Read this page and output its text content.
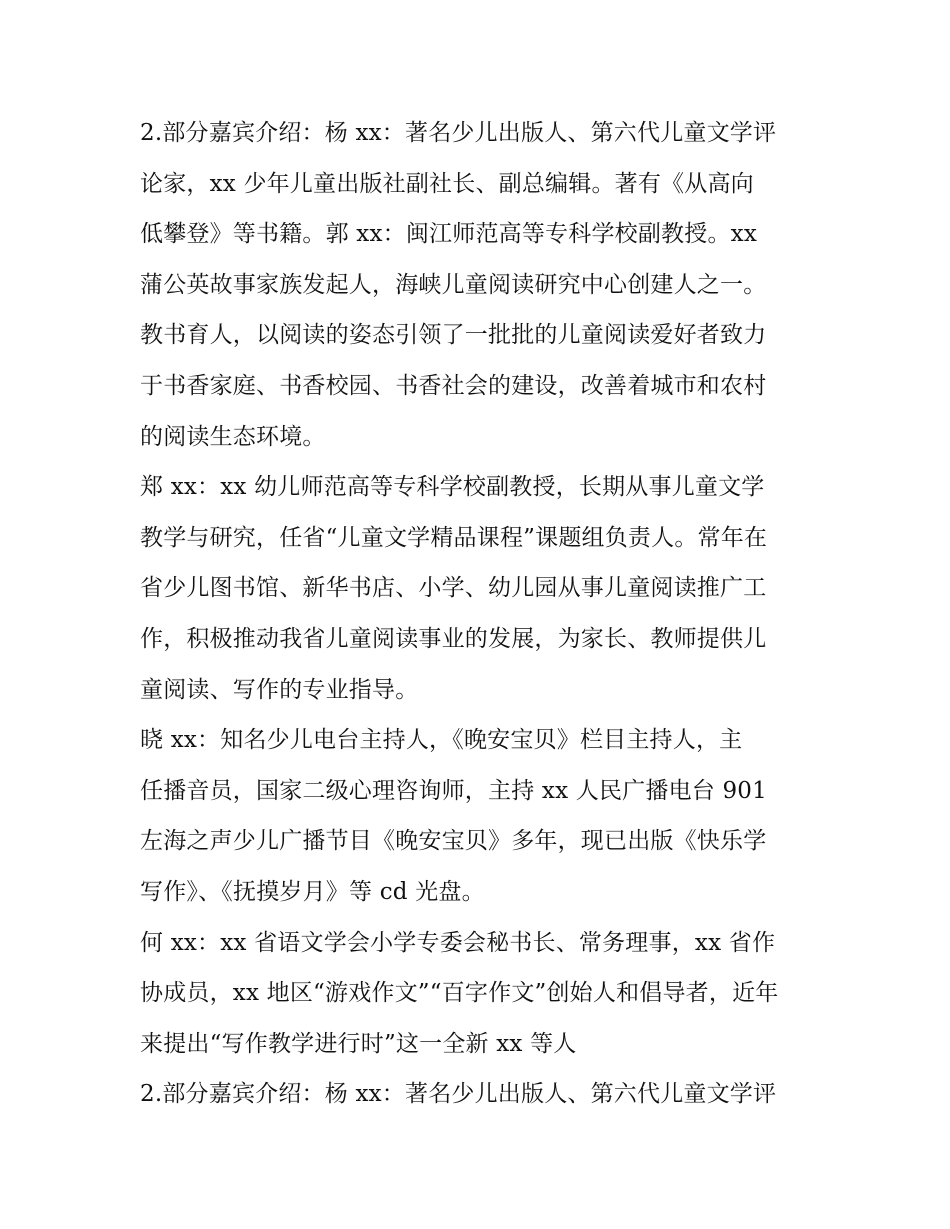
2.部分嘉宾介绍：杨 xx：著名少儿出版人、第六代儿童文学评
论家，xx 少年儿童出版社副社长、副总编辑。著有《从高向
低攀登》等书籍。郭 xx：闽江师范高等专科学校副教授。xx
蒲公英故事家族发起人，海峡儿童阅读研究中心创建人之一。
教书育人，以阅读的姿态引领了一批批的儿童阅读爱好者致力
于书香家庭、书香校园、书香社会的建设，改善着城市和农村
的阅读生态环境。
郑 xx：xx 幼儿师范高等专科学校副教授，长期从事儿童文学
教学与研究，任省“儿童文学精品课程”课题组负责人。常年在
省少儿图书馆、新华书店、小学、幼儿园从事儿童阅读推广工
作，积极推动我省儿童阅读事业的发展，为家长、教师提供儿
童阅读、写作的专业指导。
晓 xx：知名少儿电台主持人，《晚安宝贝》栏目主持人，主
任播音员，国家二级心理咨询师，主持 xx 人民广播电台 901
左海之声少儿广播节目《晚安宝贝》多年，现已出版《快乐学
写作》、《抚摸岁月》等 cd 光盘。
何 xx：xx 省语文学会小学专委会秘书长、常务理事，xx 省作
协成员，xx 地区“游戏作文”“百字作文”创始人和倡导者，近年
来提出“写作教学进行时”这一全新 xx 等人
2.部分嘉宾介绍：杨 xx：著名少儿出版人、第六代儿童文学评
